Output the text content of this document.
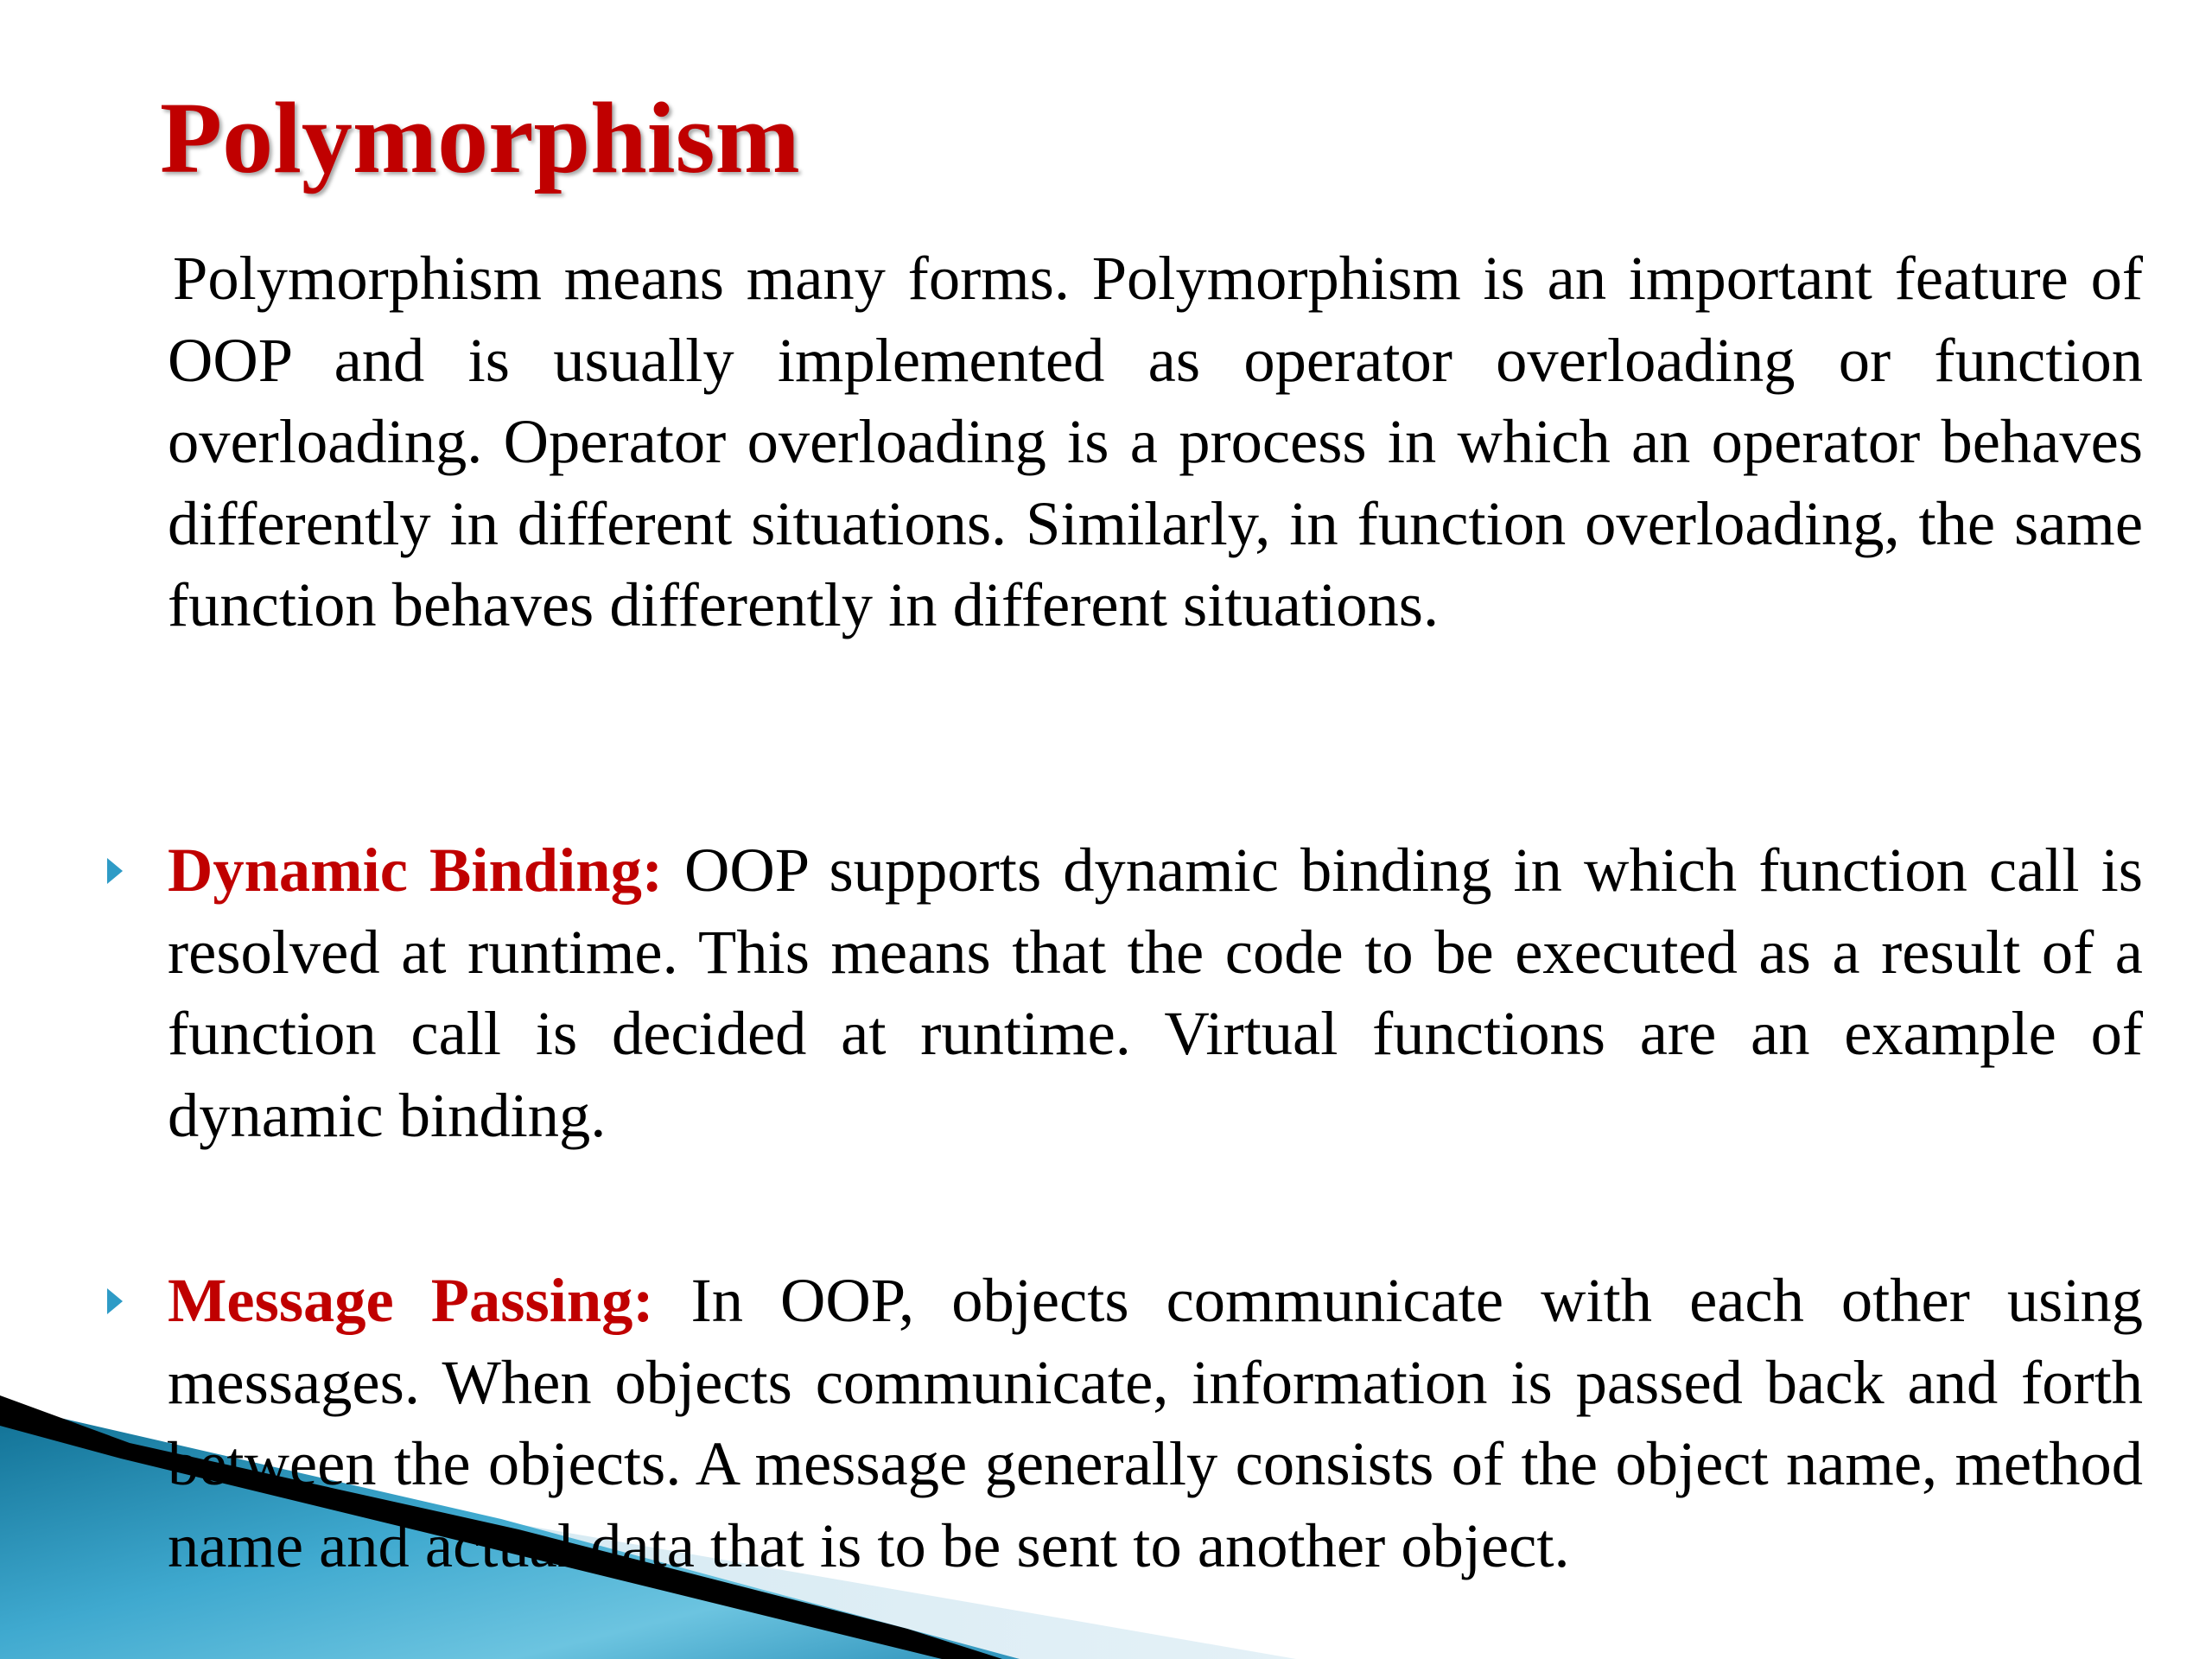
Polymorphism

Polymorphism means many forms. Polymorphism is an important feature of OOP and is usually implemented as operator overloading or function overloading. Operator overloading is a process in which an operator behaves differently in different situations. Similarly, in function overloading, the same function behaves differently in different situations.

Dynamic Binding: OOP supports dynamic binding in which function call is resolved at runtime. This means that the code to be executed as a result of a function call is decided at runtime. Virtual functions are an example of dynamic binding.

Message Passing: In OOP, objects communicate with each other using messages. When objects communicate, information is passed back and forth between the objects. A message generally consists of the object name, method name and actual data that is to be sent to another object.
